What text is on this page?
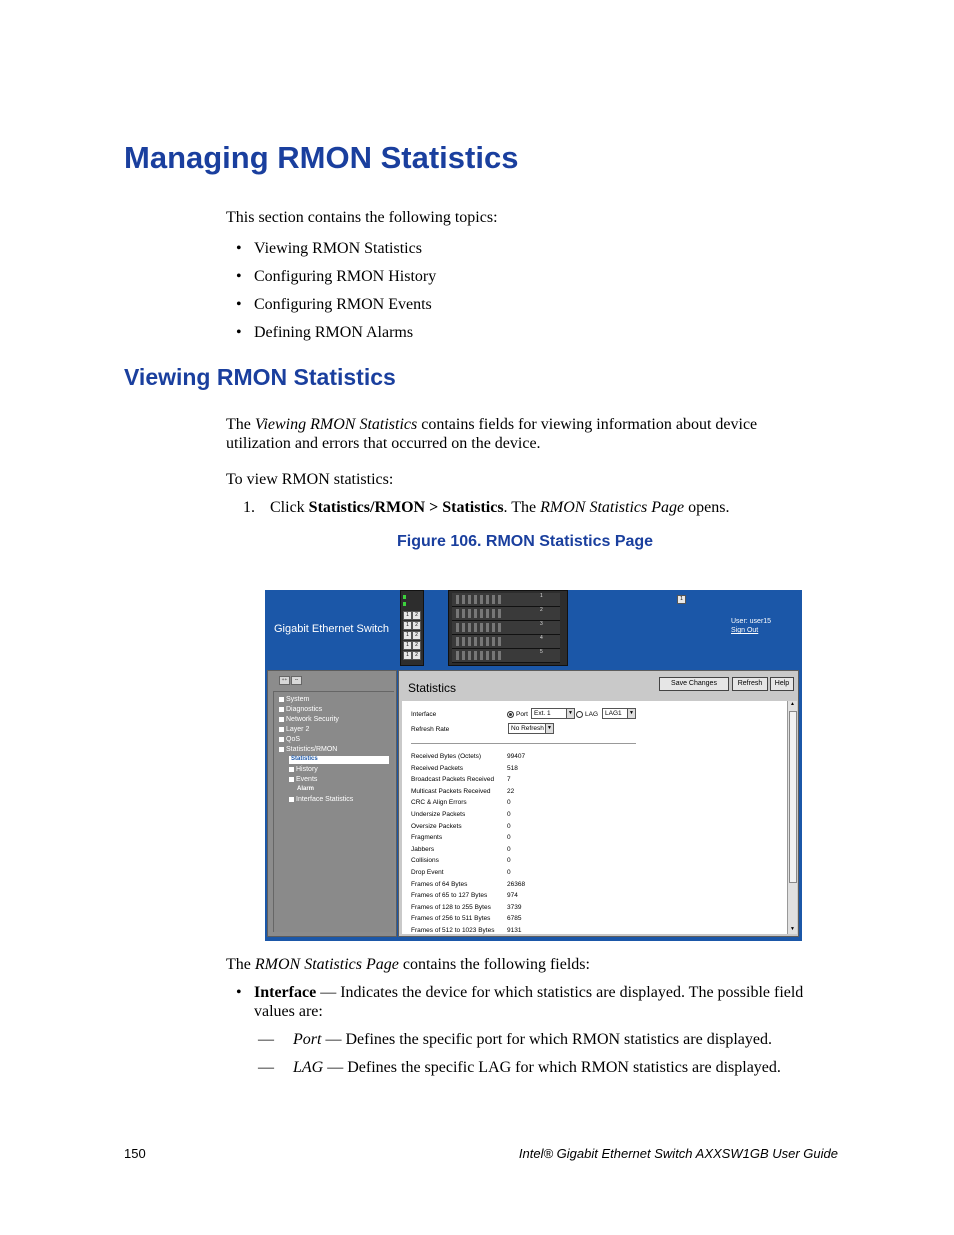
Managing RMON Statistics
This section contains the following topics:
• Viewing RMON Statistics
• Configuring RMON History
• Configuring RMON Events
• Defining RMON Alarms
Viewing RMON Statistics
The Viewing RMON Statistics contains fields for viewing information about device
utilization and errors that occurred on the device.
To view RMON statistics:
1. Click Statistics/RMON > Statistics. The RMON Statistics Page opens.
Figure 106. RMON Statistics Page
Gigabit Ethernet Switch
1	2
1	2
1	2
1	2
1	2
1
2
3
4
5
1
User: user15
Sign Out
++	--
System
Diagnostics
Network Security
Layer 2
QoS
Statistics/RMON
Statistics
History
Events
Alarm
Interface Statistics
Statistics	Save Changes	Refresh	Help
Interface	Port Ext. 1	▼	LAG	LAG1	▼
Refresh Rate	No Refresh ▼
Received Bytes (Octets)	99407
Received Packets	518
Broadcast Packets Received 7
Multicast Packets Received	22
CRC & Align Errors	0
Undersize Packets	0
Oversize Packets	0
Fragments	0
Jabbers	0
Collisions	0
Drop Event	0
Frames of 64 Bytes	26368
Frames of 65 to 127 Bytes	974
Frames of 128 to 255 Bytes 3739
Frames of 256 to 511 Bytes	6785
Frames of 512 to 1023 Bytes 9131
▲
▼
The RMON Statistics Page contains the following fields:
• Interface — Indicates the device for which statistics are displayed. The possible field
values are:
— Port — Defines the specific port for which RMON statistics are displayed.
— LAG — Defines the specific LAG for which RMON statistics are displayed.
150	Intel® Gigabit Ethernet Switch AXXSW1GB User Guide
